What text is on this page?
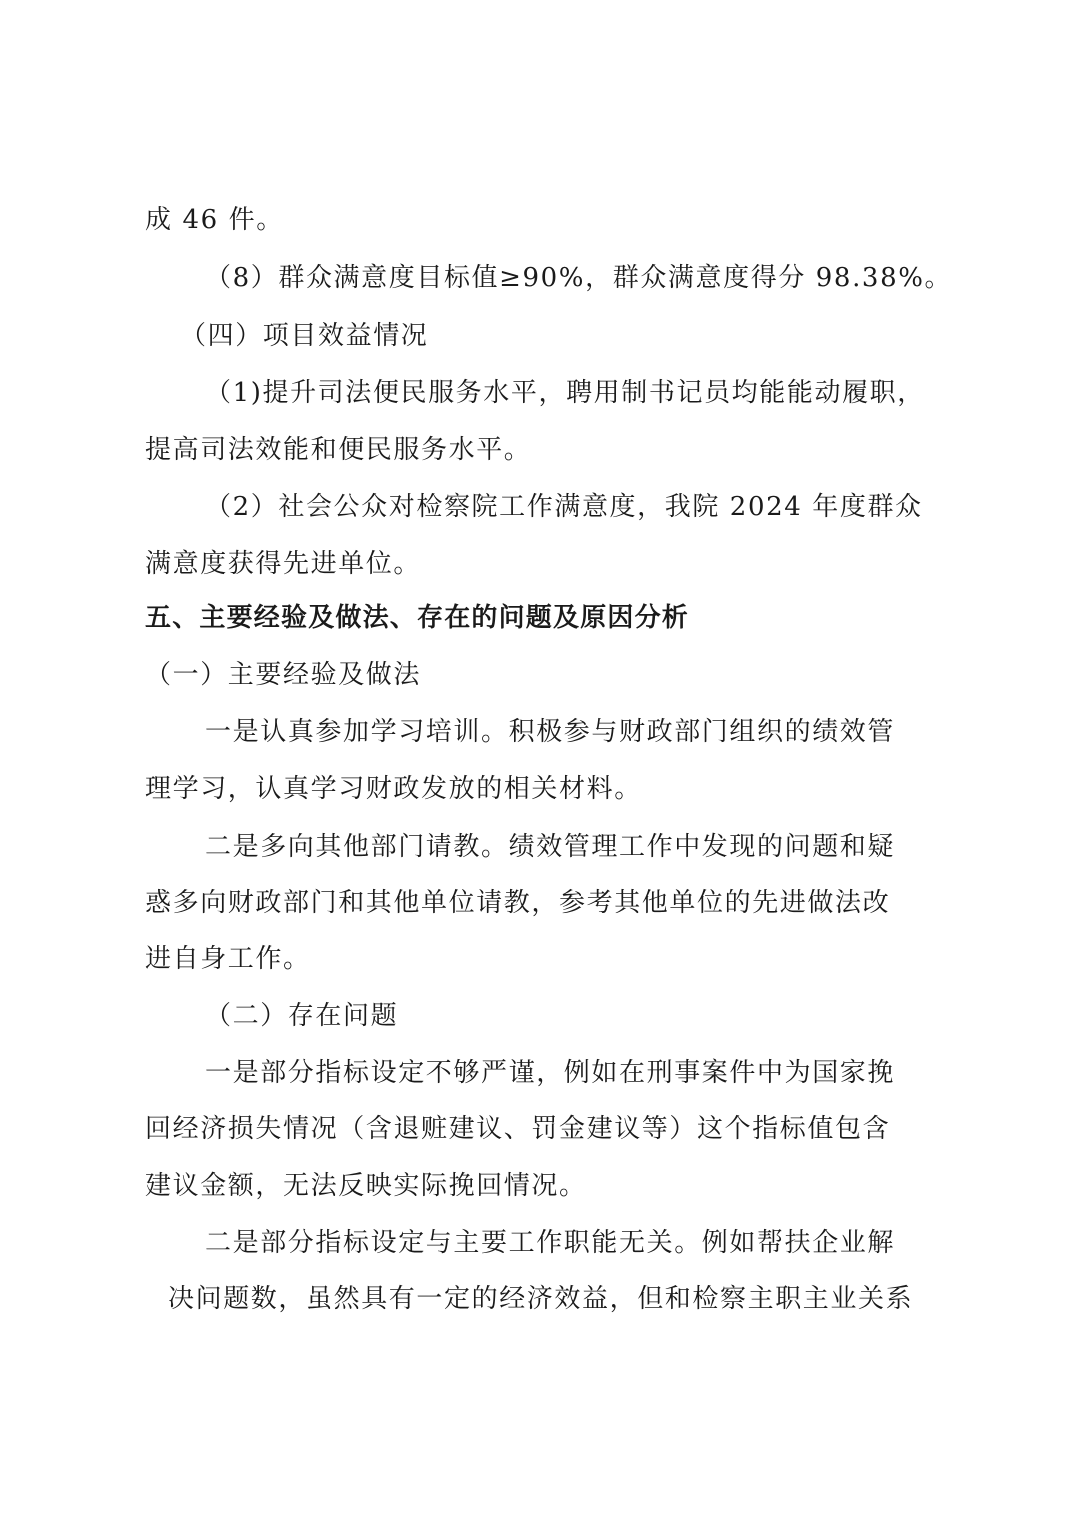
成 46 件。
（8）群众满意度目标值≥90%，群众满意度得分 98.38%。
（四）项目效益情况
（1)提升司法便民服务水平，聘用制书记员均能能动履职，
提高司法效能和便民服务水平。
（2）社会公众对检察院工作满意度，我院 2024 年度群众
满意度获得先进单位。
五、主要经验及做法、存在的问题及原因分析
（一）主要经验及做法
一是认真参加学习培训。积极参与财政部门组织的绩效管
理学习，认真学习财政发放的相关材料。
二是多向其他部门请教。绩效管理工作中发现的问题和疑
惑多向财政部门和其他单位请教，参考其他单位的先进做法改
进自身工作。
（二）存在问题
一是部分指标设定不够严谨，例如在刑事案件中为国家挽
回经济损失情况（含退赃建议、罚金建议等）这个指标值包含
建议金额，无法反映实际挽回情况。
二是部分指标设定与主要工作职能无关。例如帮扶企业解
决问题数，虽然具有一定的经济效益，但和检察主职主业关系
